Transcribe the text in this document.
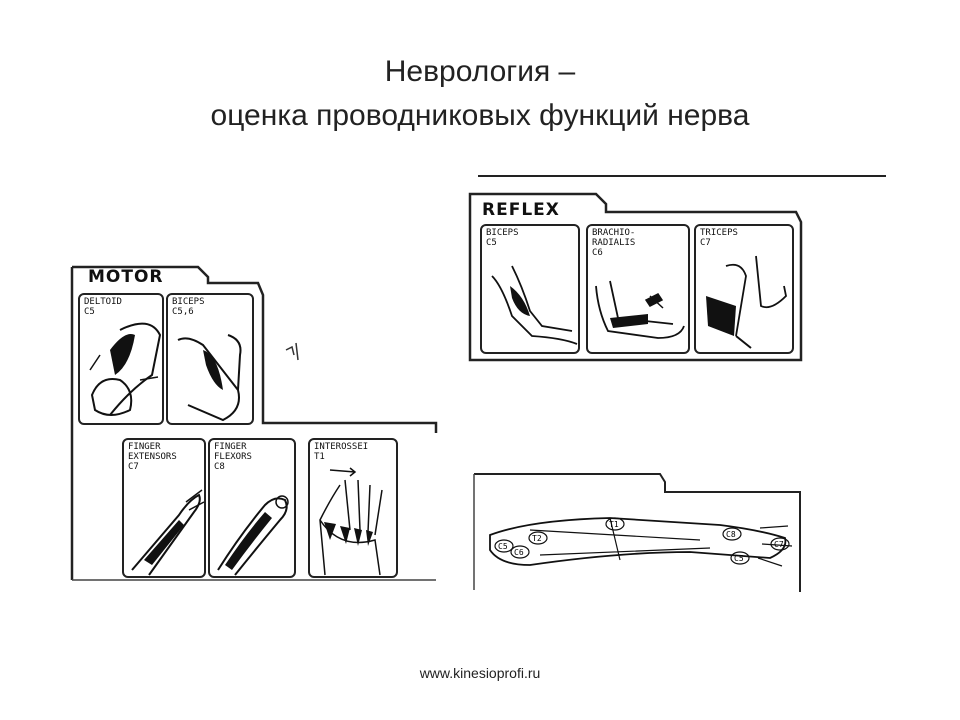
Неврология –
оценка проводниковых функций нерва
MOTOR
DELTOID
C5
BICEPS
C5,6
FINGER
EXTENSORS
C7
FINGER
FLEXORS
C8
INTEROSSEI
T1
REFLEX
BICEPS
C5
BRACHIO-
RADIALIS
C6
TRICEPS
C7
C5
T2
T1
C6
C8
C7
C5
www.kinesioprofi.ru
